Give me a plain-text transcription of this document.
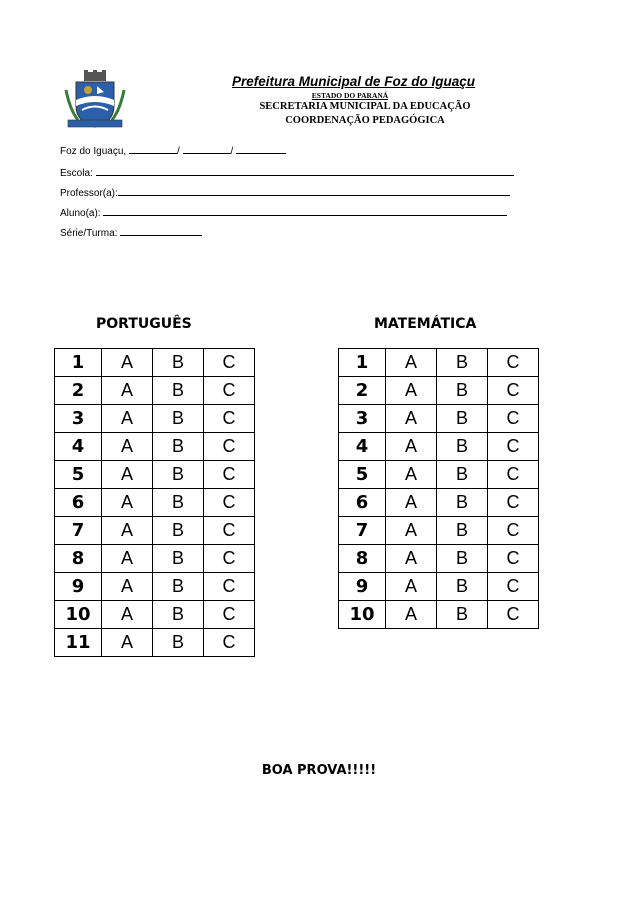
Prefeitura Municipal de Foz do Iguaçu
ESTADO DO PARANÁ
SECRETARIA MUNICIPAL DA EDUCAÇÃO
COORDENAÇÃO PEDAGÓGICA
Foz do Iguaçu,	/	/
Escola:
Professor(a):
Aluno(a):
Série/Turma:
PORTUGUÊS	MATEMÁTICA
1	A	B	C
2	A	B	C
3	A	B	C
4	A	B	C
5	A	B	C
6	A	B	C
7	A	B	C
8	A	B	C
9	A	B	C
10	A	B	C
11	A	B	C
1	A	B	C
2	A	B	C
3	A	B	C
4	A	B	C
5	A	B	C
6	A	B	C
7	A	B	C
8	A	B	C
9	A	B	C
10	A	B	C
BOA PROVA!!!!!
